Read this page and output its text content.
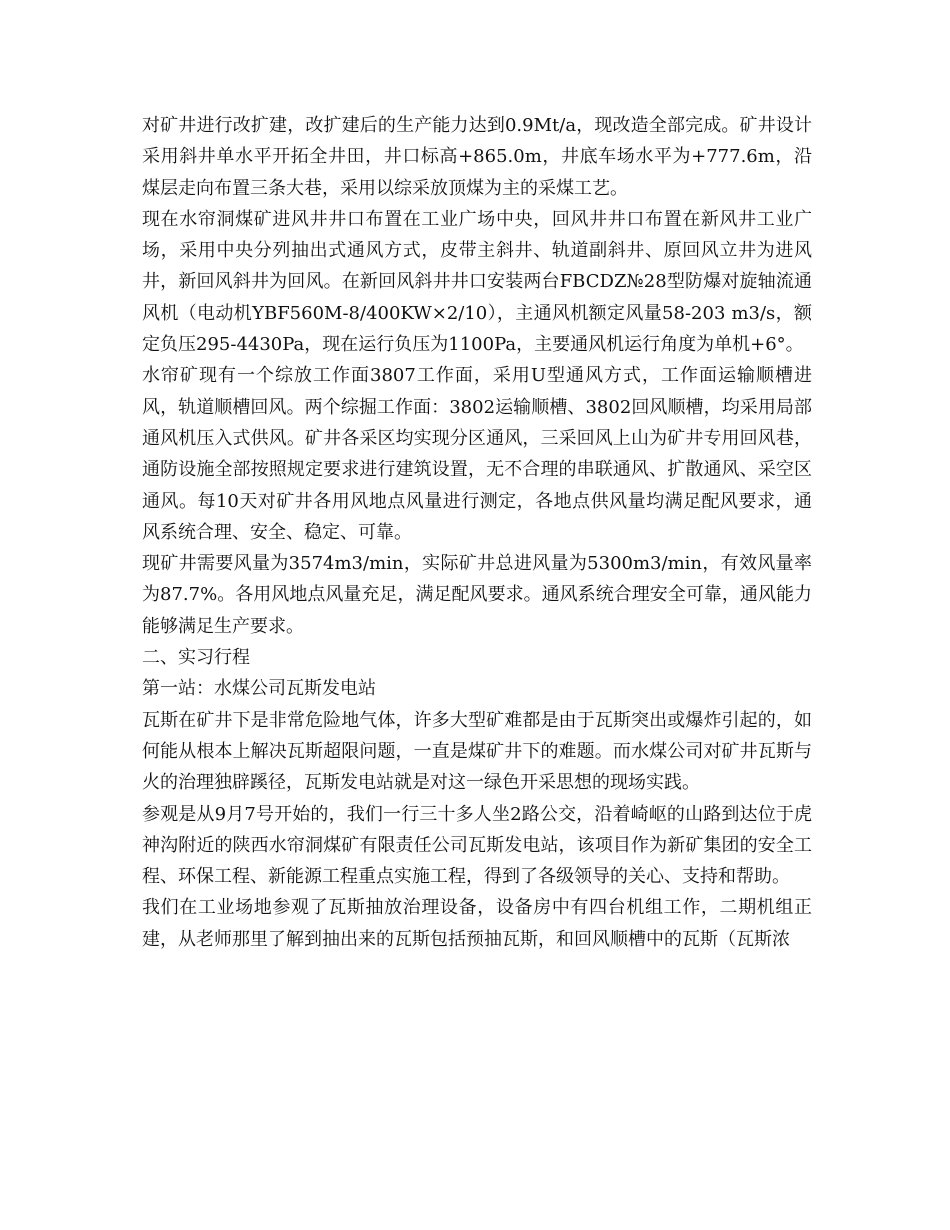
对矿井进行改扩建，改扩建后的生产能力达到0.9Mt/a，现改造全部完成。矿井设计采用斜井单水平开拓全井田，井口标高+865.0m，井底车场水平为+777.6m，沿煤层走向布置三条大巷，采用以综采放顶煤为主的采煤工艺。

现在水帘洞煤矿进风井井口布置在工业广场中央，回风井井口布置在新风井工业广场，采用中央分列抽出式通风方式，皮带主斜井、轨道副斜井、原回风立井为进风井，新回风斜井为回风。在新回风斜井井口安装两台FBCDZ№28型防爆对旋轴流通风机（电动机YBF560M-8/400KW×2/10），主通风机额定风量58-203 m3/s，额定负压295-4430Pa，现在运行负压为1100Pa，主要通风机运行角度为单机+6°。

水帘矿现有一个综放工作面3807工作面，采用U型通风方式，工作面运输顺槽进风，轨道顺槽回风。两个综掘工作面：3802运输顺槽、3802回风顺槽，均采用局部通风机压入式供风。矿井各采区均实现分区通风，三采回风上山为矿井专用回风巷，通防设施全部按照规定要求进行建筑设置，无不合理的串联通风、扩散通风、采空区通风。每10天对矿井各用风地点风量进行测定，各地点供风量均满足配风要求，通风系统合理、安全、稳定、可靠。

现矿井需要风量为3574m3/min，实际矿井总进风量为5300m3/min，有效风量率为87.7%。各用风地点风量充足，满足配风要求。通风系统合理安全可靠，通风能力能够满足生产要求。

二、实习行程

第一站：水煤公司瓦斯发电站

瓦斯在矿井下是非常危险地气体，许多大型矿难都是由于瓦斯突出或爆炸引起的，如何能从根本上解决瓦斯超限问题，一直是煤矿井下的难题。而水煤公司对矿井瓦斯与火的治理独辟蹊径，瓦斯发电站就是对这一绿色开采思想的现场实践。

参观是从9月7号开始的，我们一行三十多人坐2路公交，沿着崎岖的山路到达位于虎神沟附近的陕西水帘洞煤矿有限责任公司瓦斯发电站，该项目作为新矿集团的安全工程、环保工程、新能源工程重点实施工程，得到了各级领导的关心、支持和帮助。

我们在工业场地参观了瓦斯抽放治理设备，设备房中有四台机组工作，二期机组正建，从老师那里了解到抽出来的瓦斯包括预抽瓦斯，和回风顺槽中的瓦斯（瓦斯浓
